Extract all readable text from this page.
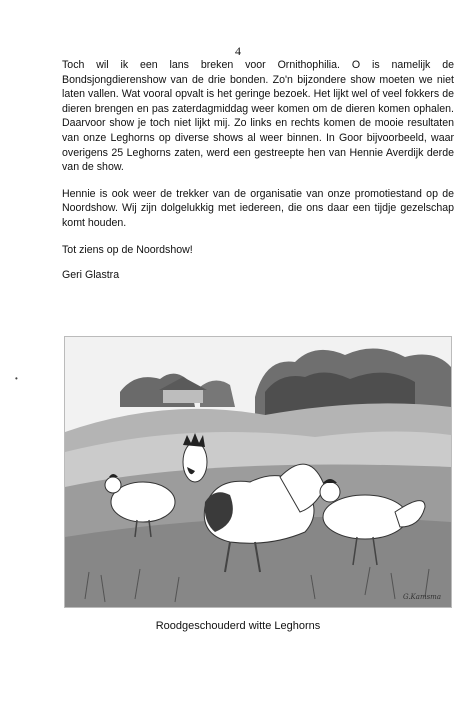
4

Toch wil ik een lans breken voor Ornithophilia. O is namelijk de Bondsjongdierenshow van de drie bonden. Zo'n bijzondere show moeten we niet laten vallen. Wat vooral opvalt is het geringe bezoek. Het lijkt wel of veel fokkers de dieren brengen en pas zaterdagmiddag weer komen om de dieren komen ophalen. Daarvoor show je toch niet lijkt mij. Zo links en rechts komen de mooie resultaten van onze Leghorns op diverse shows al weer binnen. In Goor bijvoorbeeld, waar overigens 25 Leghorns zaten, werd een gestreepte hen van Hennie Averdijk derde van de show.

Hennie is ook weer de trekker van de organisatie van onze promotiestand op de Noordshow. Wij zijn dolgelukkig met iedereen, die ons daar een tijdje gezelschap komt houden.

Tot ziens op de Noordshow!

Geri Glastra

•
G.Kamsma
Roodgeschouderd witte Leghorns
